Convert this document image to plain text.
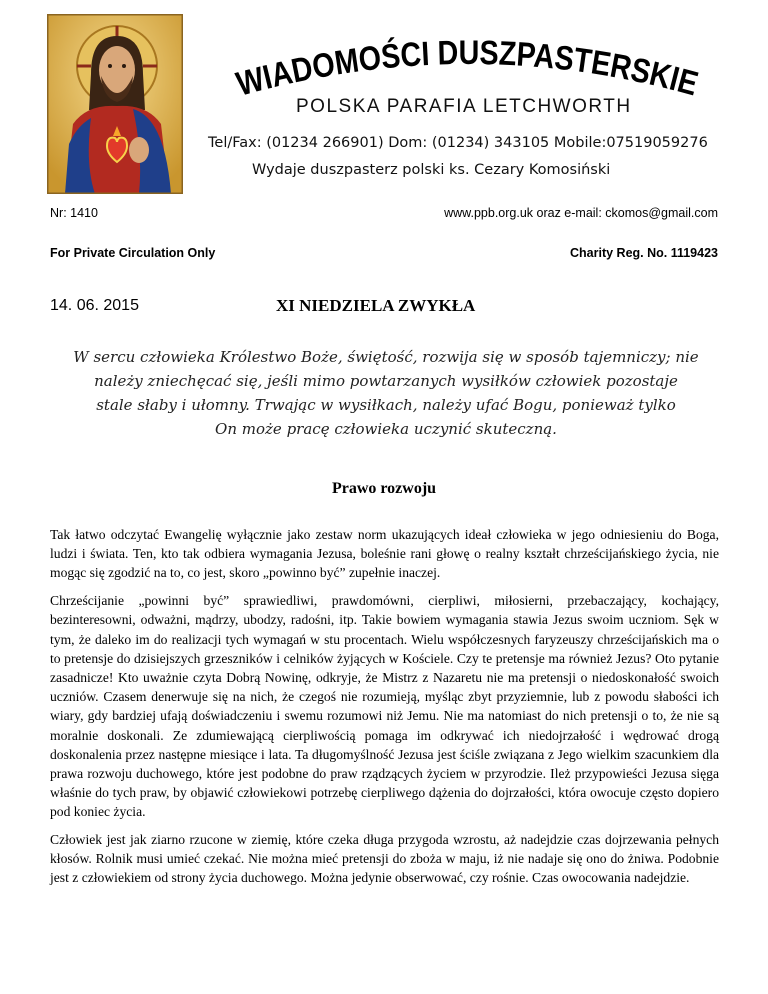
WIADOMOŚCI DUSZPASTERSKIE
POLSKA PARAFIA LETCHWORTH
Tel/Fax: (01234 266901) Dom: (01234) 343105 Mobile:07519059276
Wydaje duszpasterz polski ks. Cezary Komosiński
Nr: 1410	www.ppb.org.uk oraz e-mail: ckomos@gmail.com
For Private Circulation Only	Charity Reg. No. 1119423
14. 06. 2015	XI NIEDZIELA ZWYKŁA
W sercu człowieka Królestwo Boże, świętość, rozwija się w sposób tajemniczy; nie
należy zniechęcać się, jeśli mimo powtarzanych wysiłków człowiek pozostaje
stale słaby i ułomny. Trwając w wysiłkach, należy ufać Bogu, ponieważ tylko
On może pracę człowieka uczynić skuteczną.
Prawo rozwoju

Tak łatwo odczytać Ewangelię wyłącznie jako zestaw norm ukazujących ideał człowieka w jego odniesieniu do Boga, ludzi i świata. Ten, kto tak odbiera wymagania Jezusa, boleśnie rani głowę o realny kształt chrześcijańskiego życia, nie mogąc się zgodzić na to, co jest, skoro „powinno być” zupełnie inaczej.

Chrześcijanie „powinni być” sprawiedliwi, prawdomówni, cierpliwi, miłosierni, przebaczający, kochający, bezinteresowni, odważni, mądrzy, ubodzy, radośni, itp. Takie bowiem wymagania stawia Jezus swoim uczniom. Sęk w tym, że daleko im do realizacji tych wymagań w stu procentach. Wielu współczesnych faryzeuszy chrześcijańskich ma o to pretensje do dzisiejszych grzeszników i celników żyjących w Kościele. Czy te pretensje ma również Jezus? Oto pytanie zasadnicze! Kto uważnie czyta Dobrą Nowinę, odkryje, że Mistrz z Nazaretu nie ma pretensji o niedoskonałość swoich uczniów. Czasem denerwuje się na nich, że czegoś nie rozumieją, myśląc zbyt przyziemnie, lub z powodu słabości ich wiary, gdy bardziej ufają doświadczeniu i swemu rozumowi niż Jemu. Nie ma natomiast do nich pretensji o to, że nie są moralnie doskonali. Ze zdumiewającą cierpliwością pomaga im odkrywać ich niedojrzałość i wędrować drogą doskonalenia przez następne miesiące i lata. Ta długomyślność Jezusa jest ściśle związana z Jego wielkim szacunkiem dla prawa rozwoju duchowego, które jest podobne do praw rządzących życiem w przyrodzie. Ileż przypowieści Jezusa sięga właśnie do tych praw, by objawić człowiekowi potrzebę cierpliwego dążenia do dojrzałości, która owocuje często dopiero pod koniec życia.

Człowiek jest jak ziarno rzucone w ziemię, które czeka długa przygoda wzrostu, aż nadejdzie czas dojrzewania pełnych kłosów. Rolnik musi umieć czekać. Nie można mieć pretensji do zboża w maju, iż nie nadaje się ono do żniwa. Podobnie jest z człowiekiem od strony życia duchowego. Można jedynie obserwować, czy rośnie. Czas owocowania nadejdzie.
